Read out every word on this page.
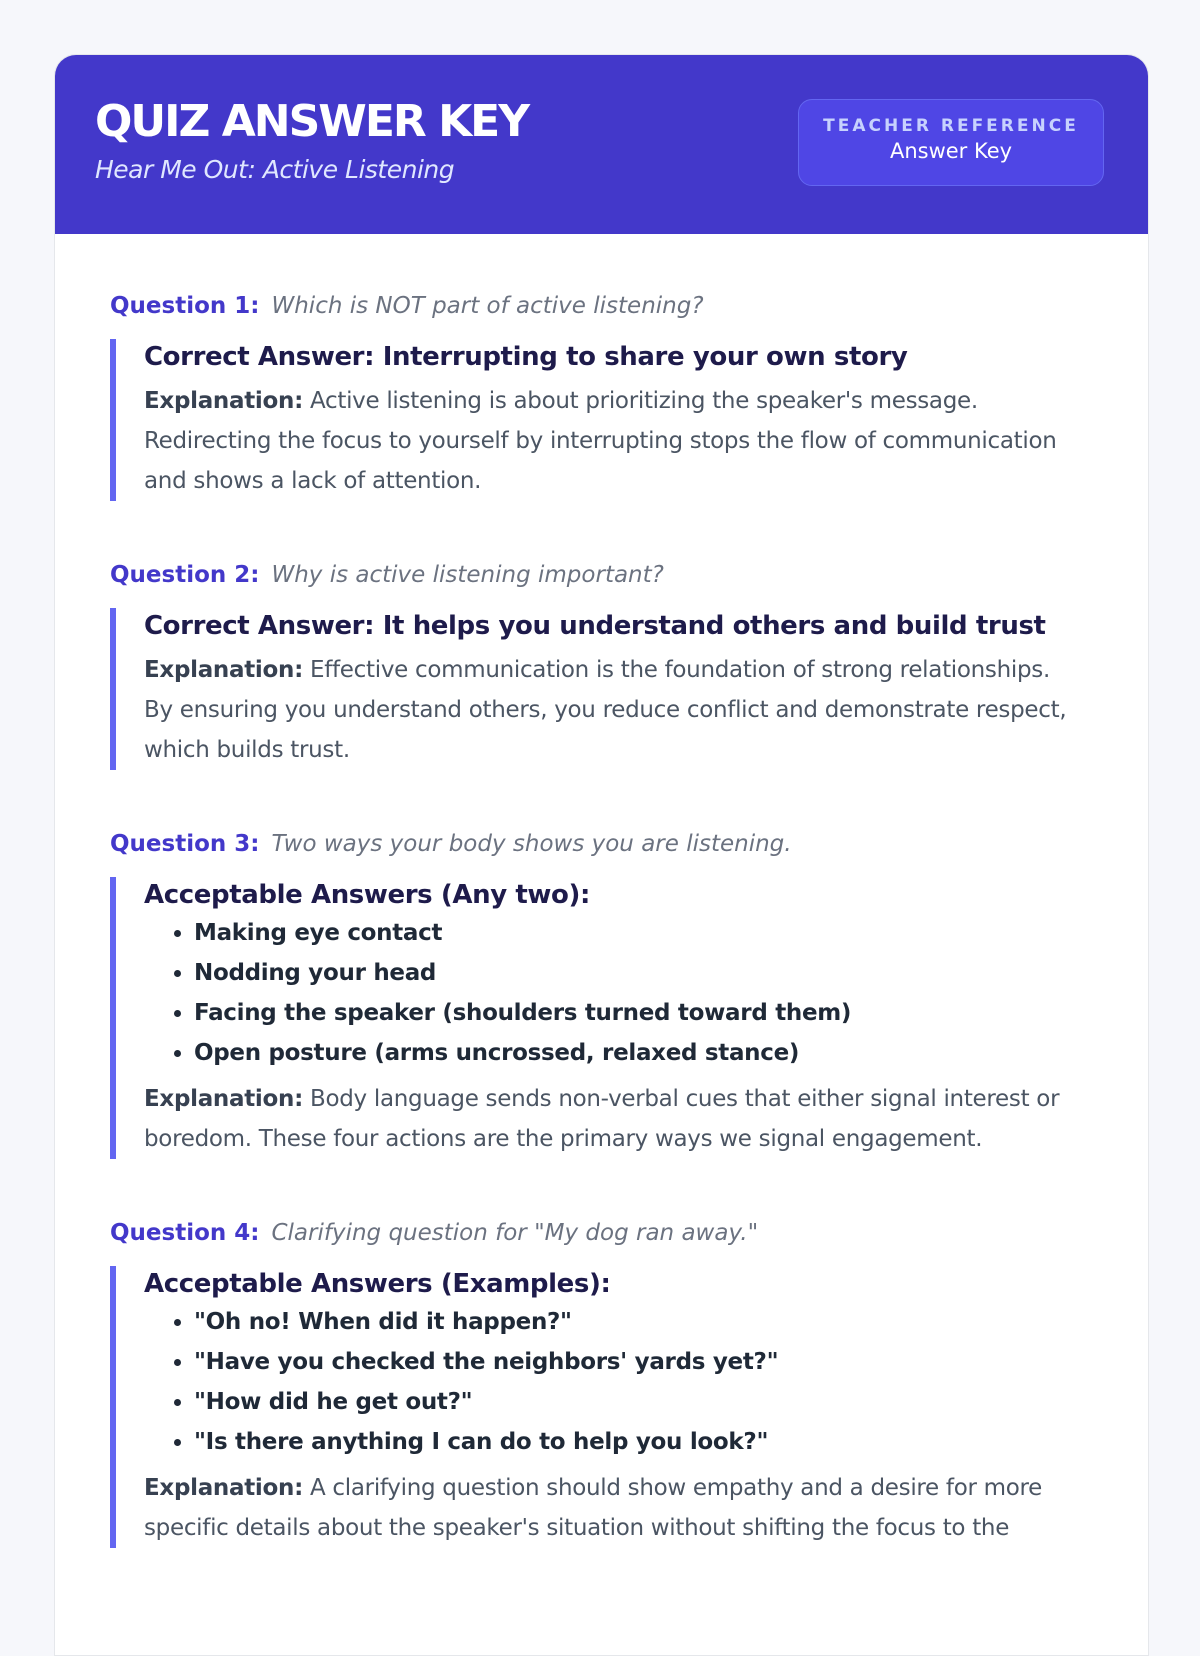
QUIZ ANSWER KEY
Hear Me Out: Active Listening
TEACHER REFERENCE
Answer Key
Question 1: Which is NOT part of active listening?
Correct Answer: Interrupting to share your own story

Explanation: Active listening is about prioritizing the speaker's message. Redirecting the focus to yourself by interrupting stops the flow of communication and shows a lack of attention.

Question 2: Why is active listening important?
Correct Answer: It helps you understand others and build trust

Explanation: Effective communication is the foundation of strong relationships. By ensuring you understand others, you reduce conflict and demonstrate respect, which builds trust.

Question 3: Two ways your body shows you are listening.
Acceptable Answers (Any two):
• Making eye contact
• Nodding your head
• Facing the speaker (shoulders turned toward them)
• Open posture (arms uncrossed, relaxed stance)

Explanation: Body language sends non-verbal cues that either signal interest or boredom. These four actions are the primary ways we signal engagement.

Question 4: Clarifying question for "My dog ran away."
Acceptable Answers (Examples):
• "Oh no! When did it happen?"
• "Have you checked the neighbors' yards yet?"
• "How did he get out?"
• "Is there anything I can do to help you look?"

Explanation: A clarifying question should show empathy and a desire for more specific details about the speaker's situation without shifting the focus to the
